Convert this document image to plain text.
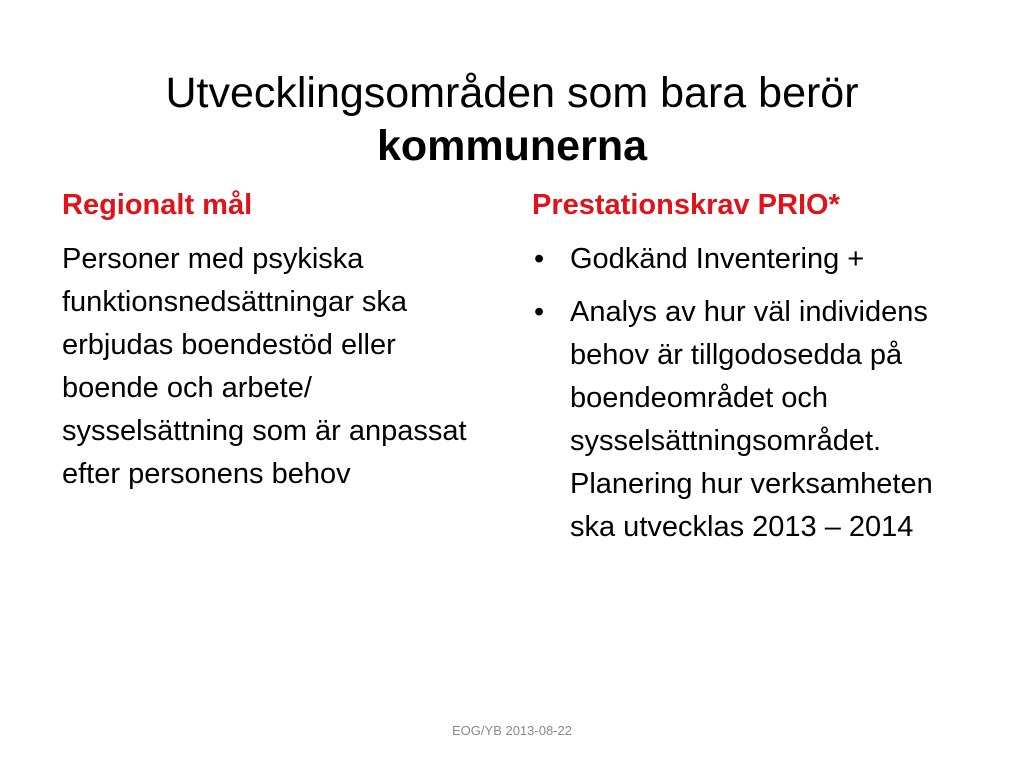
Utvecklingsområden som bara berör
kommunerna
Regionalt mål

Personer med psykiska funktionsnedsättningar ska erbjudas boendestöd eller boende och arbete/ sysselsättning som är anpassat efter personens behov

Prestationskrav PRIO*
• Godkänd Inventering +
• Analys av hur väl individens behov är tillgodosedda på boendeområdet och sysselsättningsområdet. Planering hur verksamheten ska utvecklas 2013 – 2014
EOG/YB 2013-08-22
